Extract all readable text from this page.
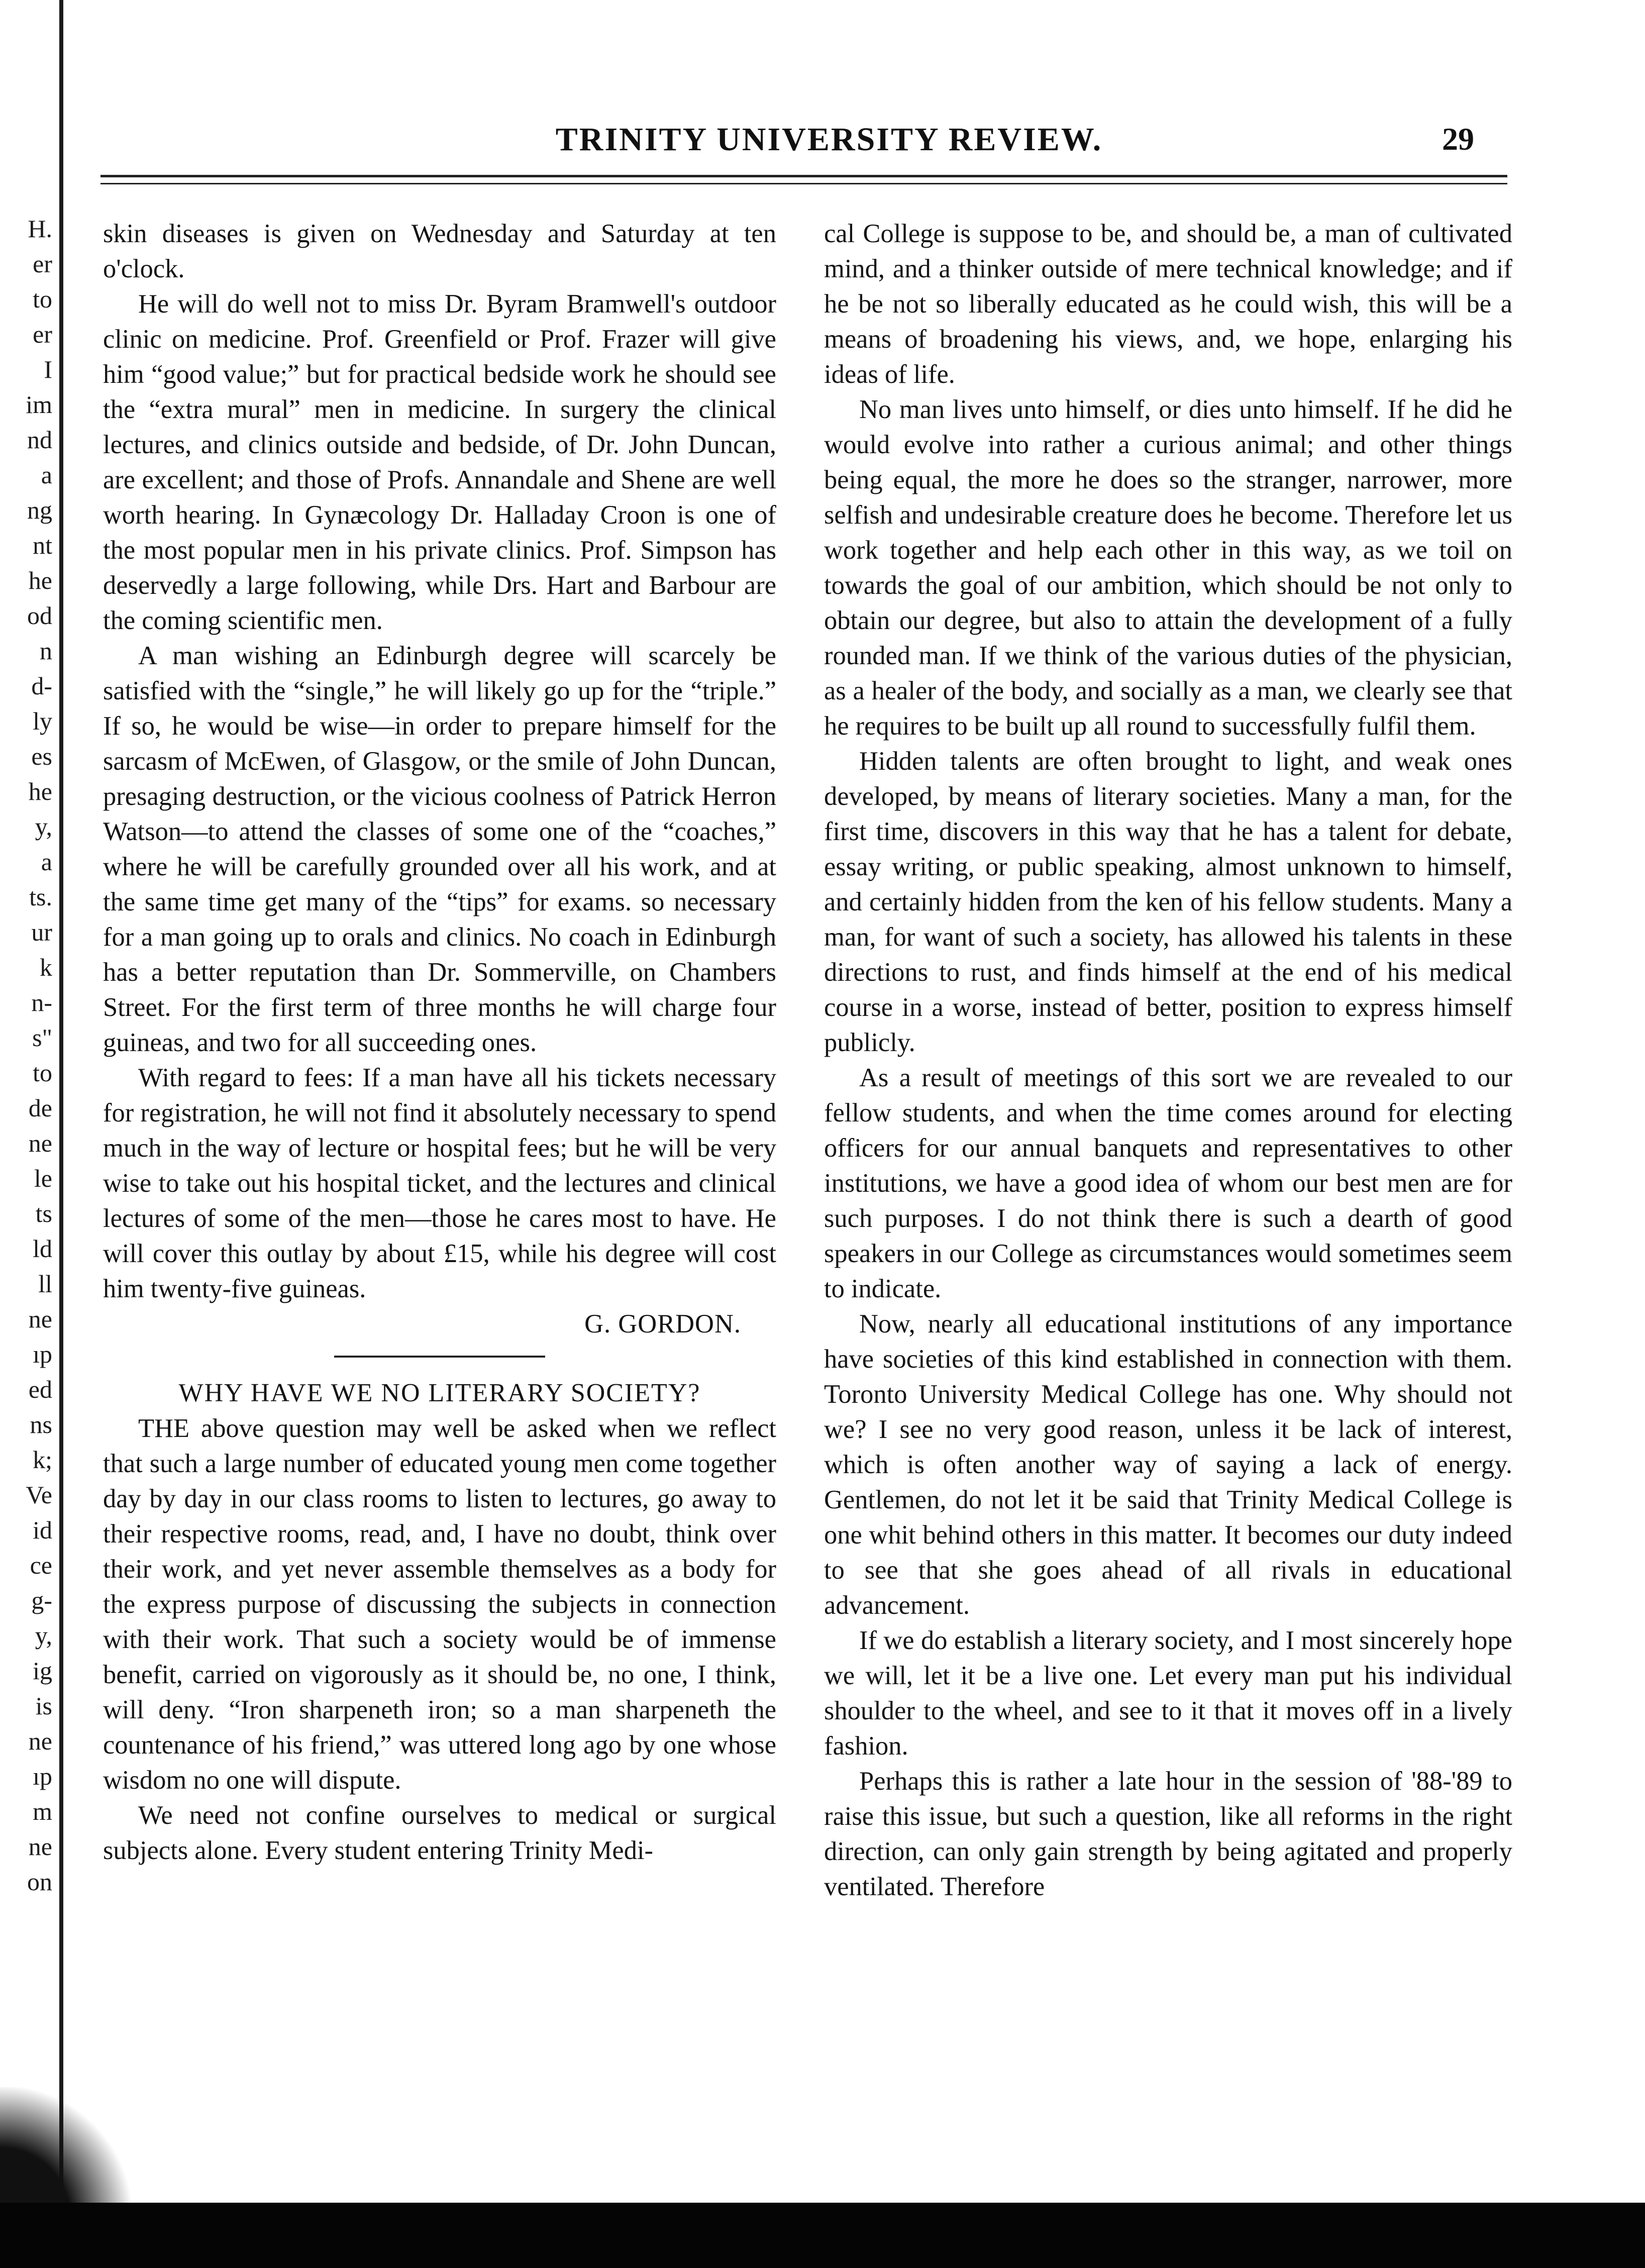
H.
er
to
er
I
im
nd
a
ng
nt
he
od
n
d-
ly
es
he
y,
a
ts.
ur
k
n-
s"
to
de
ne
le
ts
ld
ll
ne
ıp
ed
ns
k;
Ve
id
ce
g-
y,
ig
is
ne
ıp
m
ne
on
TRINITY UNIVERSITY REVIEW.	29

skin diseases is given on Wednesday and Saturday at ten o'clock.

He will do well not to miss Dr. Byram Bramwell's outdoor clinic on medicine. Prof. Greenfield or Prof. Frazer will give him “good value;” but for practical bedside work he should see the “extra mural” men in medicine. In surgery the clinical lectures, and clinics outside and bedside, of Dr. John Duncan, are excellent; and those of Profs. Annandale and Shene are well worth hearing. In Gynæcology Dr. Halladay Croon is one of the most popular men in his private clinics. Prof. Simpson has deservedly a large following, while Drs. Hart and Barbour are the coming scientific men.

A man wishing an Edinburgh degree will scarcely be satisfied with the “single,” he will likely go up for the “triple.” If so, he would be wise—in order to prepare himself for the sarcasm of McEwen, of Glasgow, or the smile of John Duncan, presaging destruction, or the vicious coolness of Patrick Herron Watson—to attend the classes of some one of the “coaches,” where he will be carefully grounded over all his work, and at the same time get many of the “tips” for exams. so necessary for a man going up to orals and clinics. No coach in Edinburgh has a better reputation than Dr. Sommerville, on Chambers Street. For the first term of three months he will charge four guineas, and two for all succeeding ones.

With regard to fees: If a man have all his tickets necessary for registration, he will not find it absolutely necessary to spend much in the way of lecture or hospital fees; but he will be very wise to take out his hospital ticket, and the lectures and clinical lectures of some of the men—those he cares most to have. He will cover this outlay by about £15, while his degree will cost him twenty-five guineas.

G. GORDON.

WHY HAVE WE NO LITERARY SOCIETY?

THE above question may well be asked when we reflect that such a large number of educated young men come together day by day in our class rooms to listen to lectures, go away to their respective rooms, read, and, I have no doubt, think over their work, and yet never assemble themselves as a body for the express purpose of discussing the subjects in connection with their work. That such a society would be of immense benefit, carried on vigorously as it should be, no one, I think, will deny. “Iron sharpeneth iron; so a man sharpeneth the countenance of his friend,” was uttered long ago by one whose wisdom no one will dispute.

We need not confine ourselves to medical or surgical subjects alone. Every student entering Trinity Medi-

cal College is suppose to be, and should be, a man of cultivated mind, and a thinker outside of mere technical knowledge; and if he be not so liberally educated as he could wish, this will be a means of broadening his views, and, we hope, enlarging his ideas of life.

No man lives unto himself, or dies unto himself. If he did he would evolve into rather a curious animal; and other things being equal, the more he does so the stranger, narrower, more selfish and undesirable creature does he become. Therefore let us work together and help each other in this way, as we toil on towards the goal of our ambition, which should be not only to obtain our degree, but also to attain the development of a fully rounded man. If we think of the various duties of the physician, as a healer of the body, and socially as a man, we clearly see that he requires to be built up all round to successfully fulfil them.

Hidden talents are often brought to light, and weak ones developed, by means of literary societies. Many a man, for the first time, discovers in this way that he has a talent for debate, essay writing, or public speaking, almost unknown to himself, and certainly hidden from the ken of his fellow students. Many a man, for want of such a society, has allowed his talents in these directions to rust, and finds himself at the end of his medical course in a worse, instead of better, position to express himself publicly.

As a result of meetings of this sort we are revealed to our fellow students, and when the time comes around for electing officers for our annual banquets and representatives to other institutions, we have a good idea of whom our best men are for such purposes. I do not think there is such a dearth of good speakers in our College as circumstances would sometimes seem to indicate.

Now, nearly all educational institutions of any importance have societies of this kind established in connection with them. Toronto University Medical College has one. Why should not we? I see no very good reason, unless it be lack of interest, which is often another way of saying a lack of energy. Gentlemen, do not let it be said that Trinity Medical College is one whit behind others in this matter. It becomes our duty indeed to see that she goes ahead of all rivals in educational advancement.

If we do establish a literary society, and I most sincerely hope we will, let it be a live one. Let every man put his individual shoulder to the wheel, and see to it that it moves off in a lively fashion.

Perhaps this is rather a late hour in the session of '88-'89 to raise this issue, but such a question, like all reforms in the right direction, can only gain strength by being agitated and properly ventilated. Therefore
